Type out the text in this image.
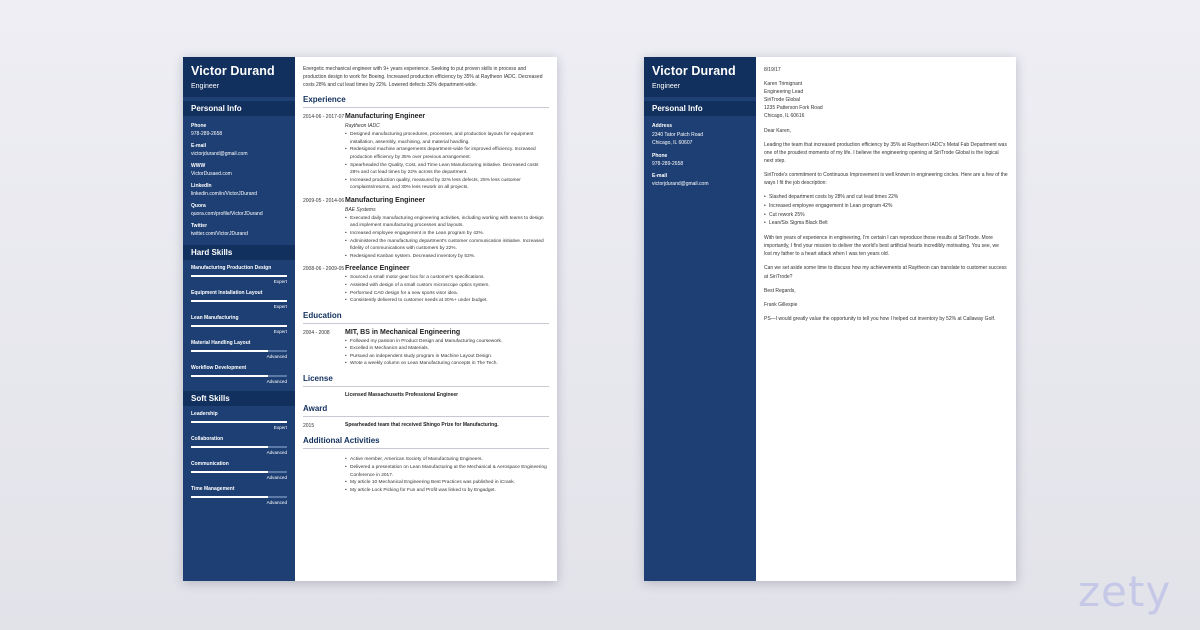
Victor Durand
Engineer
Personal Info
Phone
978-289-2658
E-mail
victorjdurand@gmail.com
WWW
VictorDusaed.com
LinkedIn
linkedin.com/in/VictorJDurand
Quora
quora.com/profile/VictorJDurand
Twitter
twitter.com/VictorJDurand
Hard Skills
Manufacturing Production Design
Expert
Equipment Installation Layout
Expert
Lean Manufacturing
Expert
Material Handling Layout
Advanced
Workflow Development
Advanced
Soft Skills
Leadership
Expert
Collaboration
Advanced
Communication
Advanced
Time Management
Advanced
Energetic mechanical engineer with 9+ years experience. Seeking to put proven skills in process and production design to work for Boeing. Increased production efficiency by 35% at Raytheon IADC. Decreased costs 28% and cut lead times by 22%. Lowered defects 32% department-wide.
Experience
2014-06 - 2017-07 Manufacturing Engineer
Raytheon IADC
• Designed manufacturing procedures, processes, and production layouts for equipment installation, assembly, machining, and material handling.
• Redesigned machine arrangements department-wide for improved efficiency. Increased production efficiency by 35% over previous arrangement.
• Spearheaded the Quality, Cost, and Time Lean Manufacturing initiative. Decreased costs 28% and cut lead times by 22% across the department.
• Increased production quality, measured by 32% less defects, 25% less customer complaints/returns, and 30% less rework on all projects.
2009-05 - 2014-06 Manufacturing Engineer
BAE Systems
• Executed daily manufacturing engineering activities, including working with teams to design and implement manufacturing processes and layouts.
• Increased employee engagement in the Lean program by 42%.
• Administered the manufacturing department's customer communication initiative. Increased fidelity of communications with customers by 22%.
• Redesigned Kanban system. Decreased inventory by 53%.
2008-06 - 2009-05 Freelance Engineer
• Sourced a small motor gear box for a customer's specifications.
• Assisted with design of a small custom microscope optics system.
• Performed CAD design for a new sports visor idea.
• Consistently delivered to customer needs at 20%+ under budget.
Education
2004 - 2008	MIT, BS in Mechanical Engineering
• Followed my passion in Product Design and Manufacturing coursework.
• Excelled in Mechanics and Materials.
• Pursued an independent study program in Machine Layout Design.
• Wrote a weekly column on Lean Manufacturing concepts in The Tech.
License
Licensed Massachusetts Professional Engineer
Award
2015	Spearheaded team that received Shingo Prize for Manufacturing.
Additional Activities
• Active member, American Society of Manufacturing Engineers.
• Delivered a presentation on Lean Manufacturing at the Mechanical & Aerospace Engineering Conference in 2017.
• My article 10 Mechanical Engineering Best Practices was published in iCrank.
• My article Lock Picking for Fun and Profit was linked to by Engadget.
Victor Durand
Engineer
Personal Info
Address
2340 Tator Patch Road
Chicago, IL 60607
Phone
978-289-2658
E-mail
victorjdurand@gmail.com
8/19/17
Karen Trimignant
Engineering Lead
SiriTrode Global
1235 Patterson Fork Road
Chicago, IL 60616
Dear Karen,
Leading the team that increased production efficiency by 35% at Raytheon IADC's Metal Fab Department was one of the proudest moments of my life. I believe the engineering opening at SiriTrode Global is the logical next step.
SiriTrode's commitment to Continuous Improvement is well known in engineering circles. Here are a few of the ways I fit the job description:
• Slashed department costs by 28% and cut lead times 22%
• Increased employee engagement in Lean program 42%
• Cut rework 25%
• Lean/Six Sigma Black Belt
With ten years of experience in engineering, I'm certain I can reproduce those results at SiriTrode. More importantly, I find your mission to deliver the world's best artificial hearts incredibly motivating. You see, we lost my father to a heart attack when I was ten years old.
Can we set aside some time to discuss how my achievements at Raytheon can translate to customer success at SiriTrode?
Best Regards,
Frank Gillespie
PS—I would greatly value the opportunity to tell you how I helped cut inventory by 52% at Callaway Golf.
zety
